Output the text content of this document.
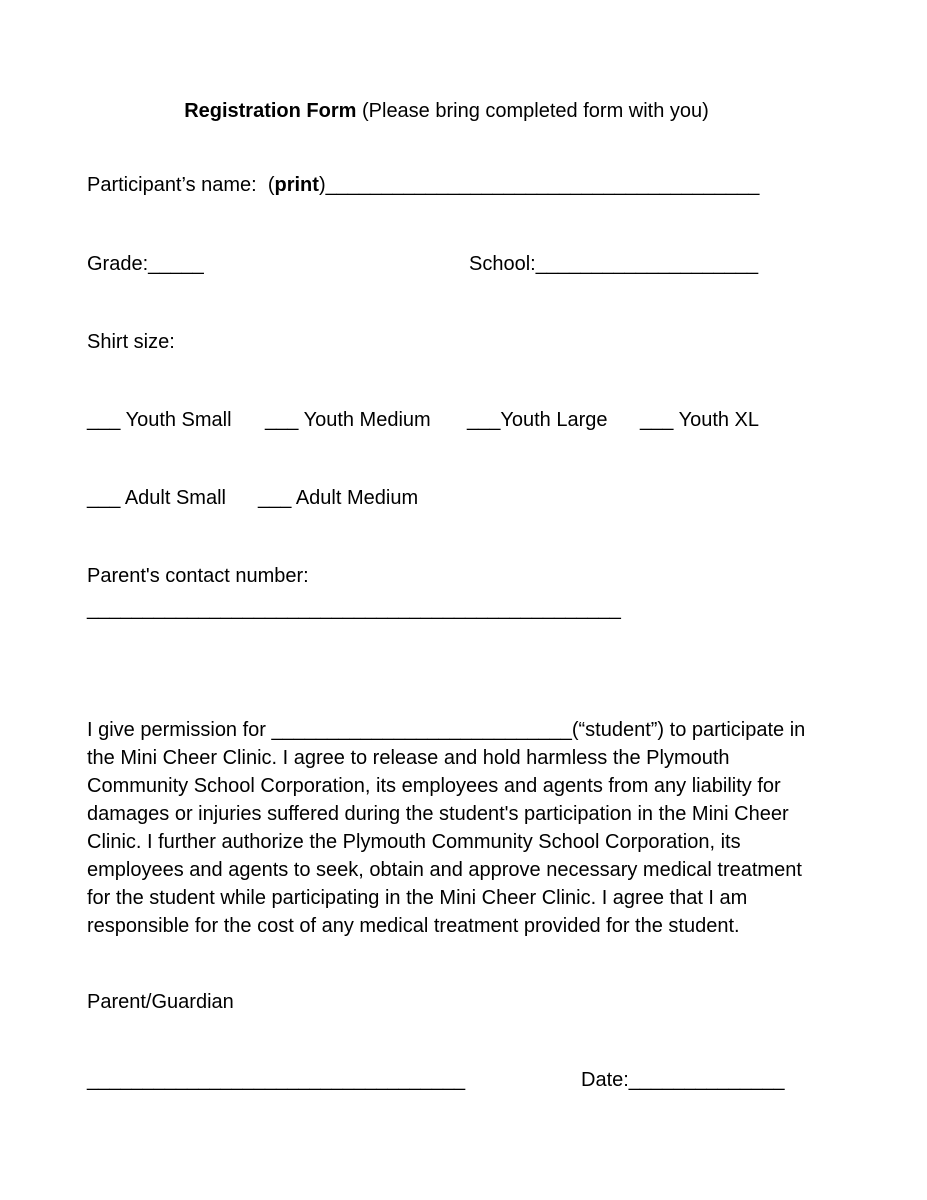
Registration Form (Please bring completed form with you)
Participant’s name:  (print)_______________________________________
Grade:_____	School:____________________
Shirt size:
___ Youth Small ___ Youth Medium ___Youth Large ___ Youth XL
___ Adult Small ___ Adult Medium
Parent's contact number:
________________________________________________
I give permission for ___________________________(“student”) to participate in
the Mini Cheer Clinic. I agree to release and hold harmless the Plymouth
Community School Corporation, its employees and agents from any liability for
damages or injuries suffered during the student's participation in the Mini Cheer
Clinic. I further authorize the Plymouth Community School Corporation, its
employees and agents to seek, obtain and approve necessary medical treatment
for the student while participating in the Mini Cheer Clinic. I agree that I am
responsible for the cost of any medical treatment provided for the student.
Parent/Guardian
__________________________________	Date:______________
